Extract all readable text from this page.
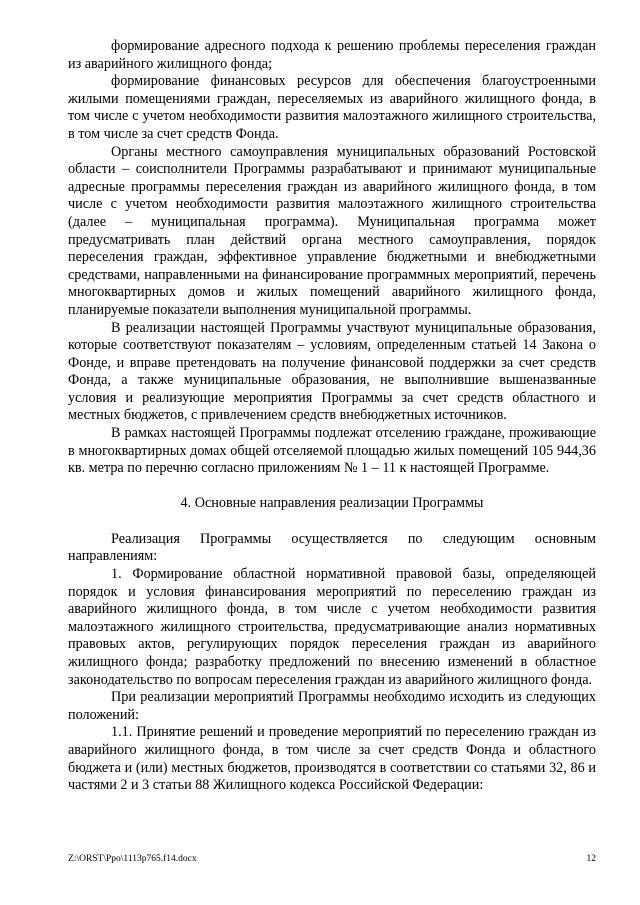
формирование адресного подхода к решению проблемы переселения граждан из аварийного жилищного фонда;

формирование финансовых ресурсов для обеспечения благоустроенными жилыми помещениями граждан, переселяемых из аварийного жилищного фонда, в том числе с учетом необходимости развития малоэтажного жилищного строительства, в том числе за счет средств Фонда.

Органы местного самоуправления муниципальных образований Ростовской области – соисполнители Программы разрабатывают и принимают муниципальные адресные программы переселения граждан из аварийного жилищного фонда, в том числе с учетом необходимости развития малоэтажного жилищного строительства (далее – муниципальная программа). Муниципальная программа может предусматривать план действий органа местного самоуправления, порядок переселения граждан, эффективное управление бюджетными и внебюджетными средствами, направленными на финансирование программных мероприятий, перечень многоквартирных домов и жилых помещений аварийного жилищного фонда, планируемые показатели выполнения муниципальной программы.

В реализации настоящей Программы участвуют муниципальные образования, которые соответствуют показателям – условиям, определенным статьей 14 Закона о Фонде, и вправе претендовать на получение финансовой поддержки за счет средств Фонда, а также муниципальные образования, не выполнившие вышеназванные условия и реализующие мероприятия Программы за счет средств областного и местных бюджетов, с привлечением средств внебюджетных источников.

В рамках настоящей Программы подлежат отселению граждане, проживающие в многоквартирных домах общей отселяемой площадью жилых помещений 105 944,36 кв. метра по перечню согласно приложениям № 1 – 11 к настоящей Программе.

4. Основные направления реализации Программы

Реализация Программы осуществляется по следующим основным направлениям:

1. Формирование областной нормативной правовой базы, определяющей порядок и условия финансирования мероприятий по переселению граждан из аварийного жилищного фонда, в том числе с учетом необходимости развития малоэтажного жилищного строительства, предусматривающие анализ нормативных правовых актов, регулирующих порядок переселения граждан из аварийного жилищного фонда; разработку предложений по внесению изменений в областное законодательство по вопросам переселения граждан из аварийного жилищного фонда.

При реализации мероприятий Программы необходимо исходить из следующих положений:

1.1. Принятие решений и проведение мероприятий по переселению граждан из аварийного жилищного фонда, в том числе за счет средств Фонда и областного бюджета и (или) местных бюджетов, производятся в соответствии со статьями 32, 86 и частями 2 и 3 статьи 88 Жилищного кодекса Российской Федерации:

Z:\ORST\Ppo\1113p765.f14.docx	12
